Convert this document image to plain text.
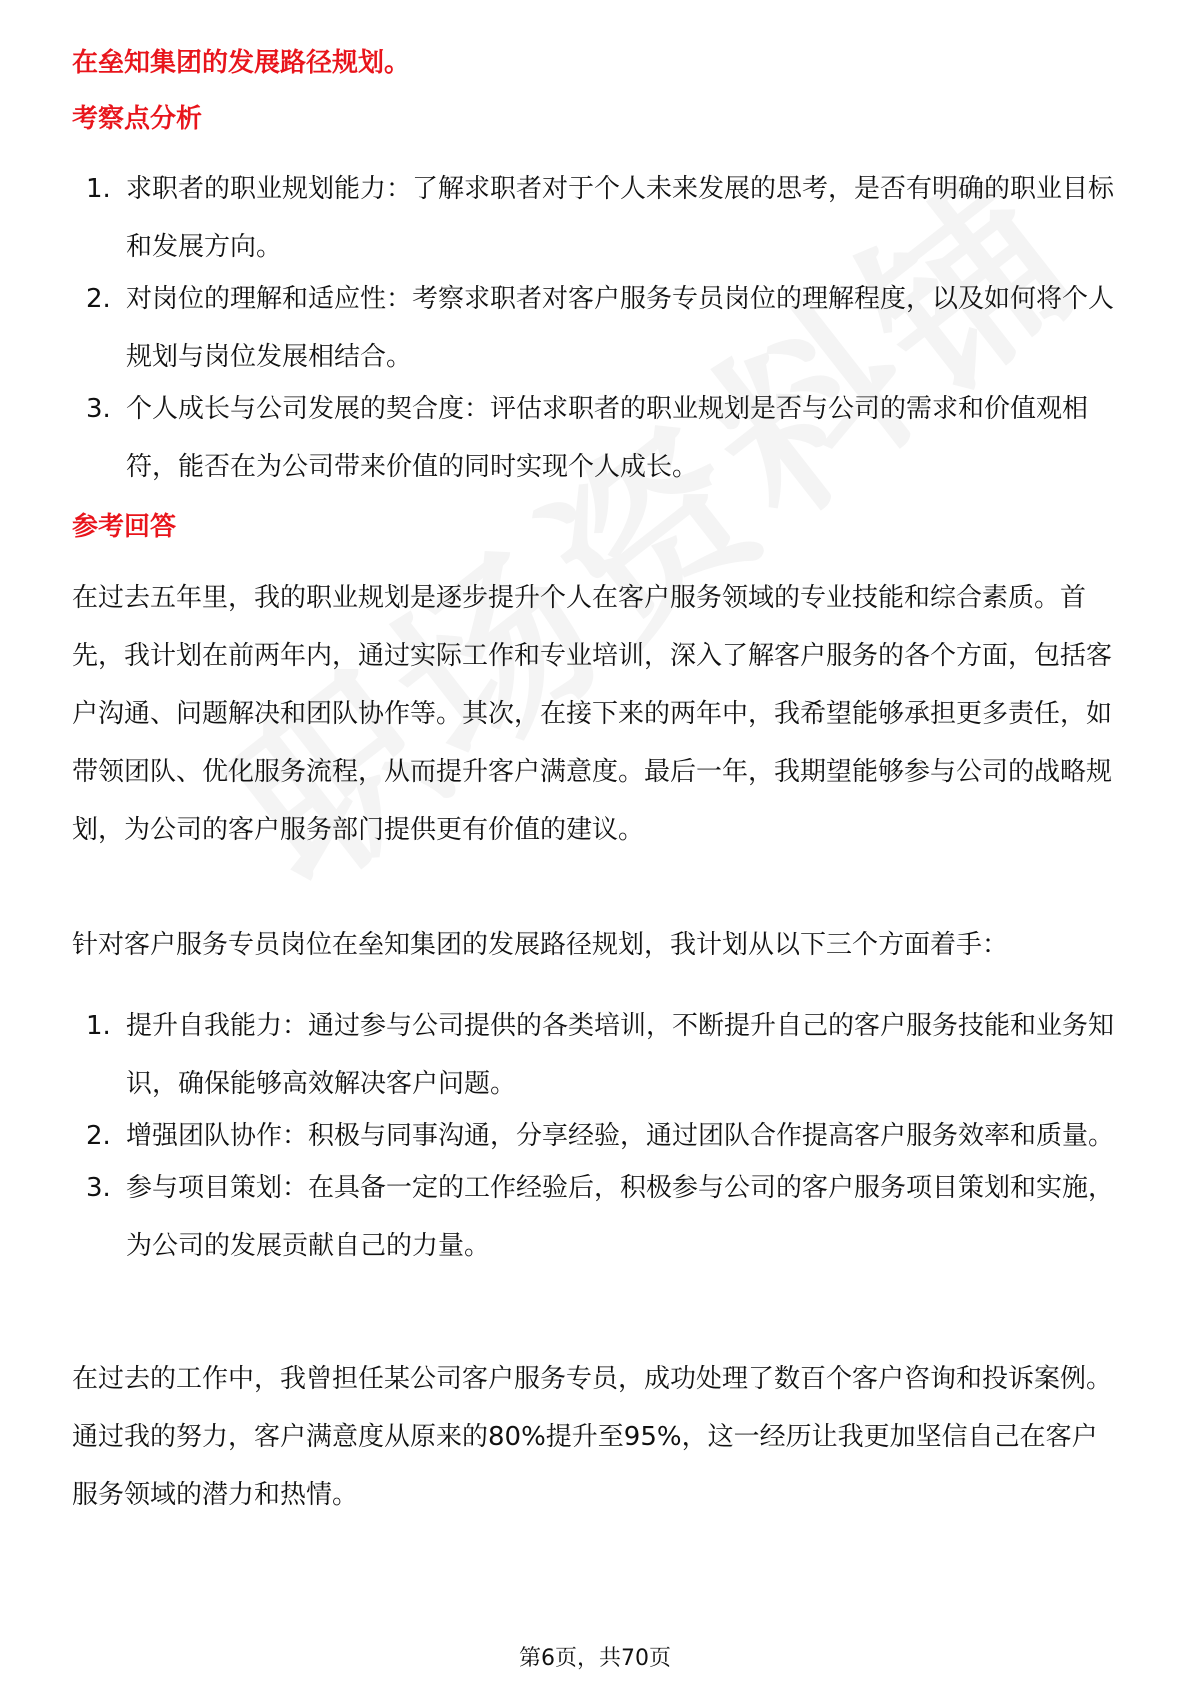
在垒知集团的发展路径规划。
考察点分析
1. 求职者的职业规划能力：了解求职者对于个人未来发展的思考，是否有明确的职业目标和发展方向。
2. 对岗位的理解和适应性：考察求职者对客户服务专员岗位的理解程度，以及如何将个人规划与岗位发展相结合。
3. 个人成长与公司发展的契合度：评估求职者的职业规划是否与公司的需求和价值观相符，能否在为公司带来价值的同时实现个人成长。
参考回答

在过去五年里，我的职业规划是逐步提升个人在客户服务领域的专业技能和综合素质。首先，我计划在前两年内，通过实际工作和专业培训，深入了解客户服务的各个方面，包括客户沟通、问题解决和团队协作等。其次，在接下来的两年中，我希望能够承担更多责任，如带领团队、优化服务流程，从而提升客户满意度。最后一年，我期望能够参与公司的战略规划，为公司的客户服务部门提供更有价值的建议。

针对客户服务专员岗位在垒知集团的发展路径规划，我计划从以下三个方面着手：

1. 提升自我能力：通过参与公司提供的各类培训，不断提升自己的客户服务技能和业务知识，确保能够高效解决客户问题。
2. 增强团队协作：积极与同事沟通，分享经验，通过团队合作提高客户服务效率和质量。
3. 参与项目策划：在具备一定的工作经验后，积极参与公司的客户服务项目策划和实施，为公司的发展贡献自己的力量。

在过去的工作中，我曾担任某公司客户服务专员，成功处理了数百个客户咨询和投诉案例。通过我的努力，客户满意度从原来的80%提升至95%，这一经历让我更加坚信自己在客户服务领域的潜力和热情。

第6页，共70页
